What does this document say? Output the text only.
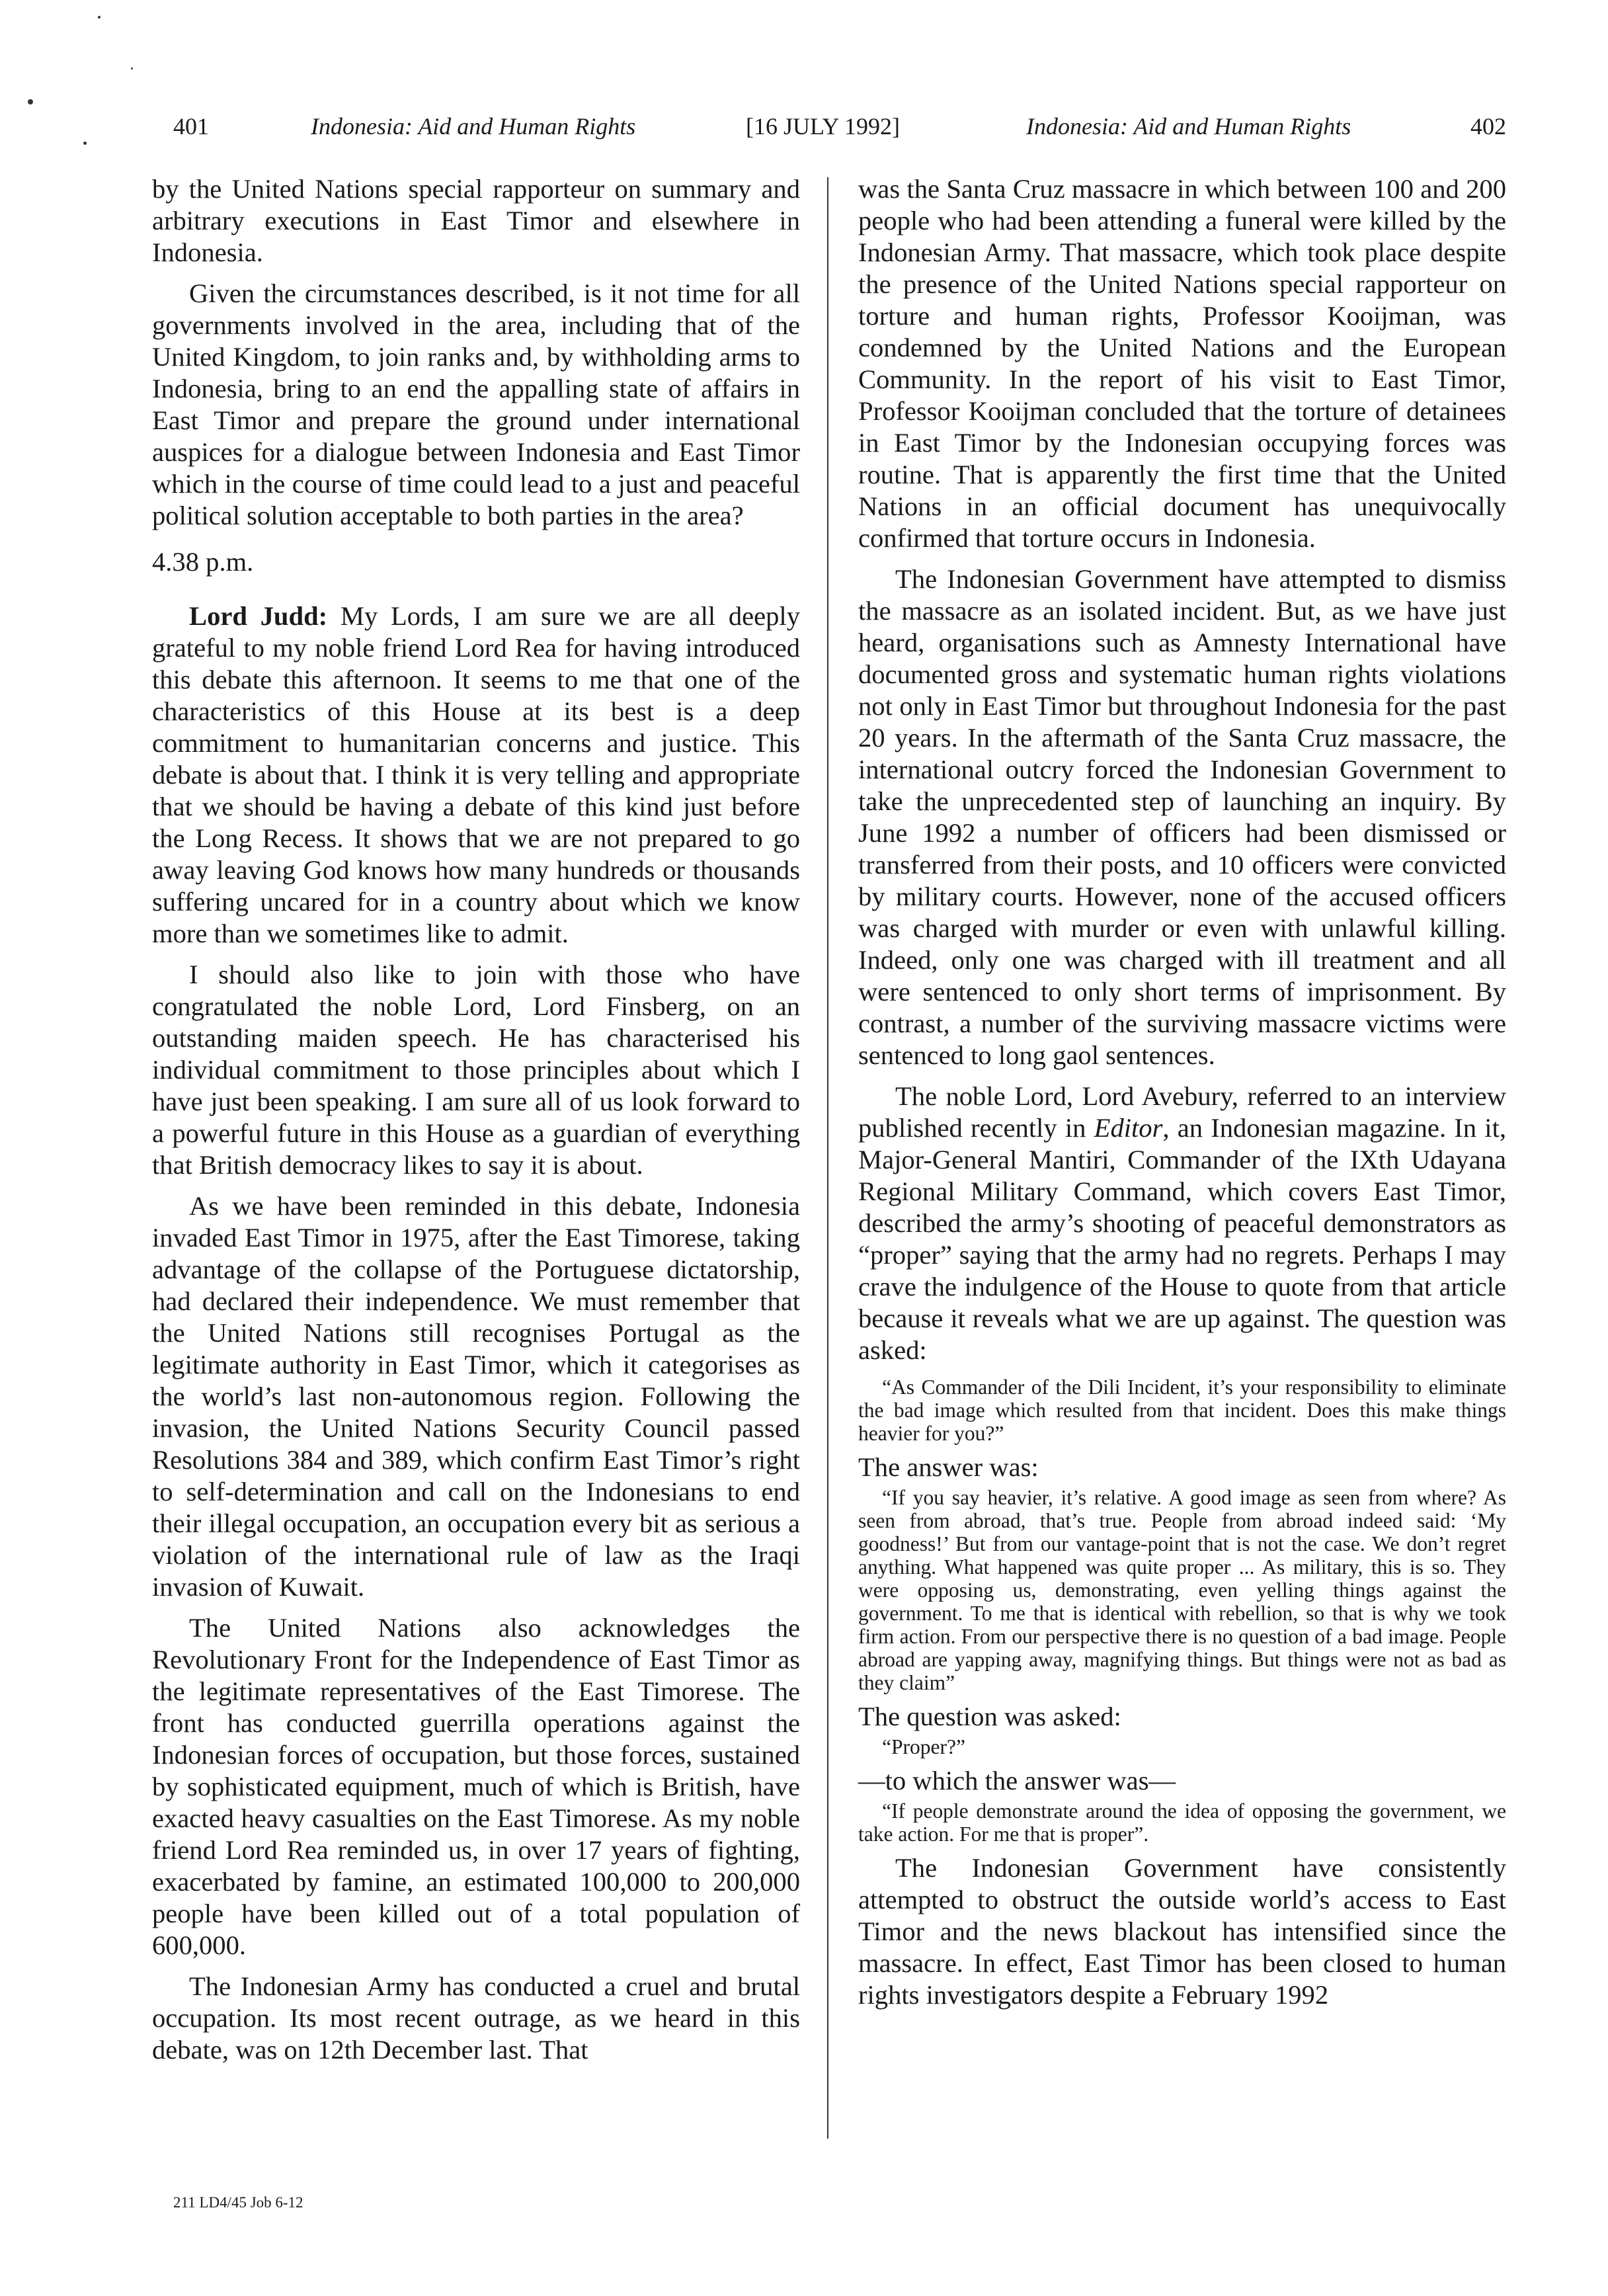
401	Indonesia: Aid and Human Rights	[16 JULY 1992]	Indonesia: Aid and Human Rights	402

by the United Nations special rapporteur on summary and arbitrary executions in East Timor and elsewhere in Indonesia.

Given the circumstances described, is it not time for all governments involved in the area, including that of the United Kingdom, to join ranks and, by withholding arms to Indonesia, bring to an end the appalling state of affairs in East Timor and prepare the ground under international auspices for a dialogue between Indonesia and East Timor which in the course of time could lead to a just and peaceful political solution acceptable to both parties in the area?

4.38 p.m.

Lord Judd: My Lords, I am sure we are all deeply grateful to my noble friend Lord Rea for having introduced this debate this afternoon. It seems to me that one of the characteristics of this House at its best is a deep commitment to humanitarian concerns and justice. This debate is about that. I think it is very telling and appropriate that we should be having a debate of this kind just before the Long Recess. It shows that we are not prepared to go away leaving God knows how many hundreds or thousands suffering uncared for in a country about which we know more than we sometimes like to admit.

I should also like to join with those who have congratulated the noble Lord, Lord Finsberg, on an outstanding maiden speech. He has characterised his individual commitment to those principles about which I have just been speaking. I am sure all of us look forward to a powerful future in this House as a guardian of everything that British democracy likes to say it is about.

As we have been reminded in this debate, Indonesia invaded East Timor in 1975, after the East Timorese, taking advantage of the collapse of the Portuguese dictatorship, had declared their independence. We must remember that the United Nations still recognises Portugal as the legitimate authority in East Timor, which it categorises as the world’s last non-autonomous region. Following the invasion, the United Nations Security Council passed Resolutions 384 and 389, which confirm East Timor’s right to self-determination and call on the Indonesians to end their illegal occupation, an occupation every bit as serious a violation of the international rule of law as the Iraqi invasion of Kuwait.

The United Nations also acknowledges the Revolutionary Front for the Independence of East Timor as the legitimate representatives of the East Timorese. The front has conducted guerrilla operations against the Indonesian forces of occupation, but those forces, sustained by sophisticated equipment, much of which is British, have exacted heavy casualties on the East Timorese. As my noble friend Lord Rea reminded us, in over 17 years of fighting, exacerbated by famine, an estimated 100,000 to 200,000 people have been killed out of a total population of 600,000.

The Indonesian Army has conducted a cruel and brutal occupation. Its most recent outrage, as we heard in this debate, was on 12th December last. That

was the Santa Cruz massacre in which between 100 and 200 people who had been attending a funeral were killed by the Indonesian Army. That massacre, which took place despite the presence of the United Nations special rapporteur on torture and human rights, Professor Kooijman, was condemned by the United Nations and the European Community. In the report of his visit to East Timor, Professor Kooijman concluded that the torture of detainees in East Timor by the Indonesian occupying forces was routine. That is apparently the first time that the United Nations in an official document has unequivocally confirmed that torture occurs in Indonesia.

The Indonesian Government have attempted to dismiss the massacre as an isolated incident. But, as we have just heard, organisations such as Amnesty International have documented gross and systematic human rights violations not only in East Timor but throughout Indonesia for the past 20 years. In the aftermath of the Santa Cruz massacre, the international outcry forced the Indonesian Government to take the unprecedented step of launching an inquiry. By June 1992 a number of officers had been dismissed or transferred from their posts, and 10 officers were convicted by military courts. However, none of the accused officers was charged with murder or even with unlawful killing. Indeed, only one was charged with ill treatment and all were sentenced to only short terms of imprisonment. By contrast, a number of the surviving massacre victims were sentenced to long gaol sentences.

The noble Lord, Lord Avebury, referred to an interview published recently in Editor, an Indonesian magazine. In it, Major-General Mantiri, Commander of the IXth Udayana Regional Military Command, which covers East Timor, described the army’s shooting of peaceful demonstrators as “proper” saying that the army had no regrets. Perhaps I may crave the indulgence of the House to quote from that article because it reveals what we are up against. The question was asked:

“As Commander of the Dili Incident, it’s your responsibility to eliminate the bad image which resulted from that incident. Does this make things heavier for you?”

The answer was:

“If you say heavier, it’s relative. A good image as seen from where? As seen from abroad, that’s true. People from abroad indeed said: ‘My goodness!’ But from our vantage-point that is not the case. We don’t regret anything. What happened was quite proper ... As military, this is so. They were opposing us, demonstrating, even yelling things against the government. To me that is identical with rebellion, so that is why we took firm action. From our perspective there is no question of a bad image. People abroad are yapping away, magnifying things. But things were not as bad as they claim”

The question was asked:

“Proper?”

—to which the answer was—

“If people demonstrate around the idea of opposing the government, we take action. For me that is proper”.

The Indonesian Government have consistently attempted to obstruct the outside world’s access to East Timor and the news blackout has intensified since the massacre. In effect, East Timor has been closed to human rights investigators despite a February 1992

211 LD4/45 Job 6-12
